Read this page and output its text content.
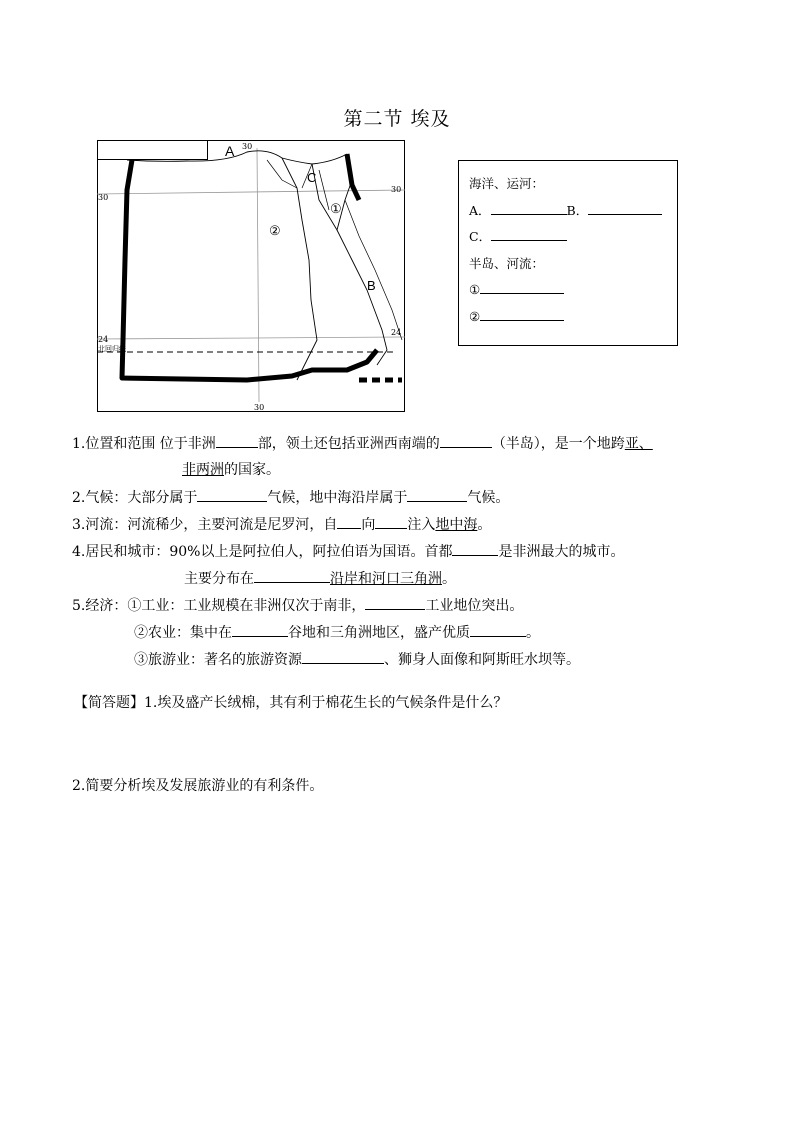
第二节 埃及
A
C
B
①
②
30
30
24
24
30
30
北回归线
海洋、运河：
A．	B．
C．
半岛、河流：
①
②
1.位置和范围 位于非洲	部，领土还包括亚洲西南端的	（半岛），是一个地跨亚、
非两洲的国家。
2.气候：大部分属于	气候，地中海沿岸属于	气候。
3.河流：河流稀少，主要河流是尼罗河，自 向 注入地中海。
4.居民和城市：90%以上是阿拉伯人，阿拉伯语为国语。首都	是非洲最大的城市。
主要分布在	沿岸和河口三角洲。
5.经济：①工业：工业规模在非洲仅次于南非，	工业地位突出。
②农业：集中在	谷地和三角洲地区，盛产优质	。
③旅游业：著名的旅游资源	、狮身人面像和阿斯旺水坝等。
【简答题】1.埃及盛产长绒棉，其有利于棉花生长的气候条件是什么？
2.简要分析埃及发展旅游业的有利条件。
